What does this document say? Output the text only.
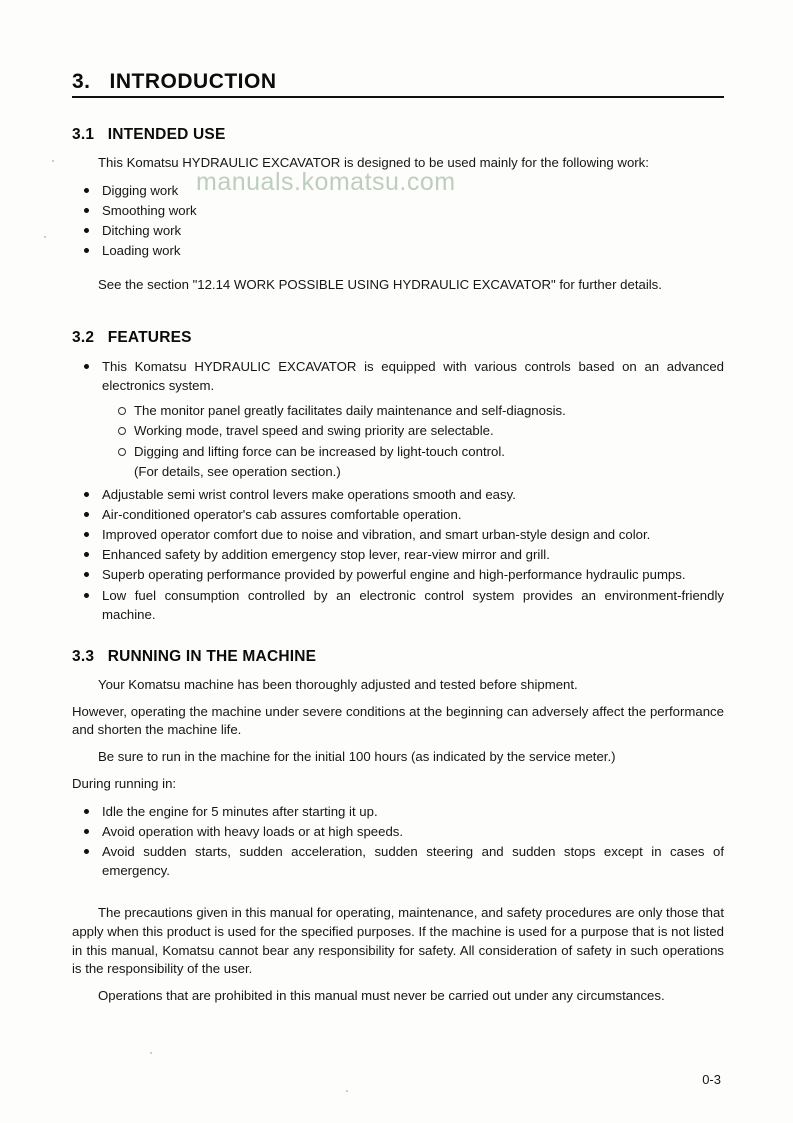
3. INTRODUCTION
3.1 INTENDED USE

This Komatsu HYDRAULIC EXCAVATOR is designed to be used mainly for the following work:

Digging work
Smoothing work
Ditching work
Loading work

See the section "12.14 WORK POSSIBLE USING HYDRAULIC EXCAVATOR" for further details.

3.2 FEATURES
This Komatsu HYDRAULIC EXCAVATOR is equipped with various controls based on an advanced electronics system.
The monitor panel greatly facilitates daily maintenance and self-diagnosis.
Working mode, travel speed and swing priority are selectable.
Digging and lifting force can be increased by light-touch control.
(For details, see operation section.)
Adjustable semi wrist control levers make operations smooth and easy.
Air-conditioned operator's cab assures comfortable operation.
Improved operator comfort due to noise and vibration, and smart urban-style design and color.
Enhanced safety by addition emergency stop lever, rear-view mirror and grill.
Superb operating performance provided by powerful engine and high-performance hydraulic pumps.
Low fuel consumption controlled by an electronic control system provides an environment-friendly machine.
3.3 RUNNING IN THE MACHINE

Your Komatsu machine has been thoroughly adjusted and tested before shipment.

However, operating the machine under severe conditions at the beginning can adversely affect the performance and shorten the machine life.

Be sure to run in the machine for the initial 100 hours (as indicated by the service meter.)

During running in:

Idle the engine for 5 minutes after starting it up.
Avoid operation with heavy loads or at high speeds.
Avoid sudden starts, sudden acceleration, sudden steering and sudden stops except in cases of emergency.

The precautions given in this manual for operating, maintenance, and safety procedures are only those that apply when this product is used for the specified purposes. If the machine is used for a purpose that is not listed in this manual, Komatsu cannot bear any responsibility for safety. All consideration of safety in such operations is the responsibility of the user.

Operations that are prohibited in this manual must never be carried out under any circumstances.

manuals.komatsu.com
0-3
